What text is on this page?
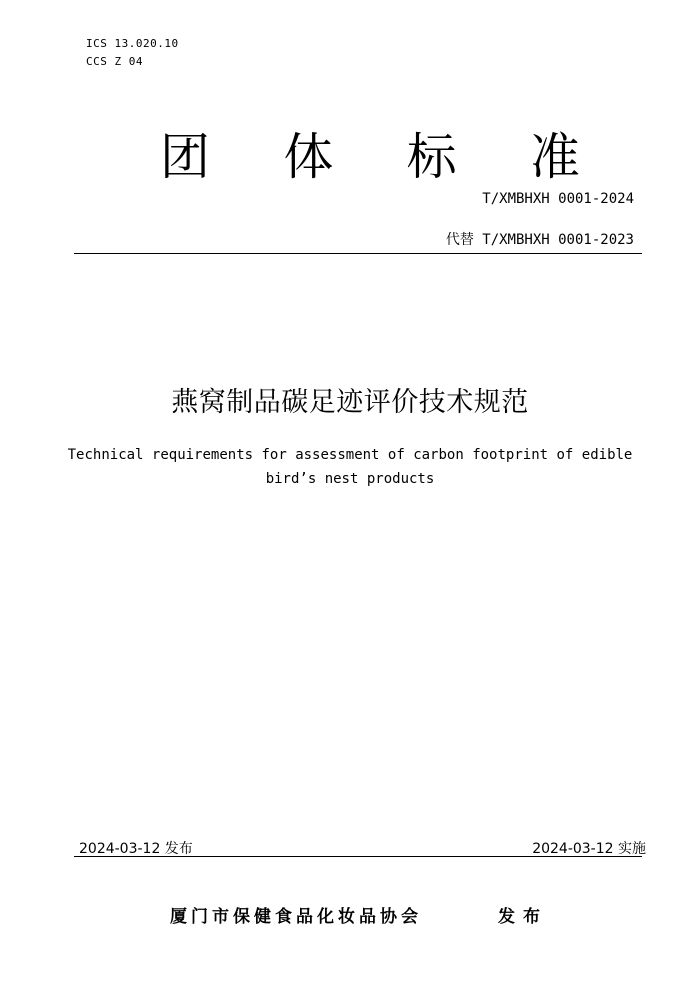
ICS 13.020.10
CCS Z 04
团 体 标 准
T/XMBHXH 0001-2024
代替 T/XMBHXH 0001-2023
燕窝制品碳足迹评价技术规范
Technical requirements for assessment of carbon footprint of edible
bird’s nest products
2024-03-12 发布	2024-03-12 实施
厦门市保健食品化妆品协会	发布
